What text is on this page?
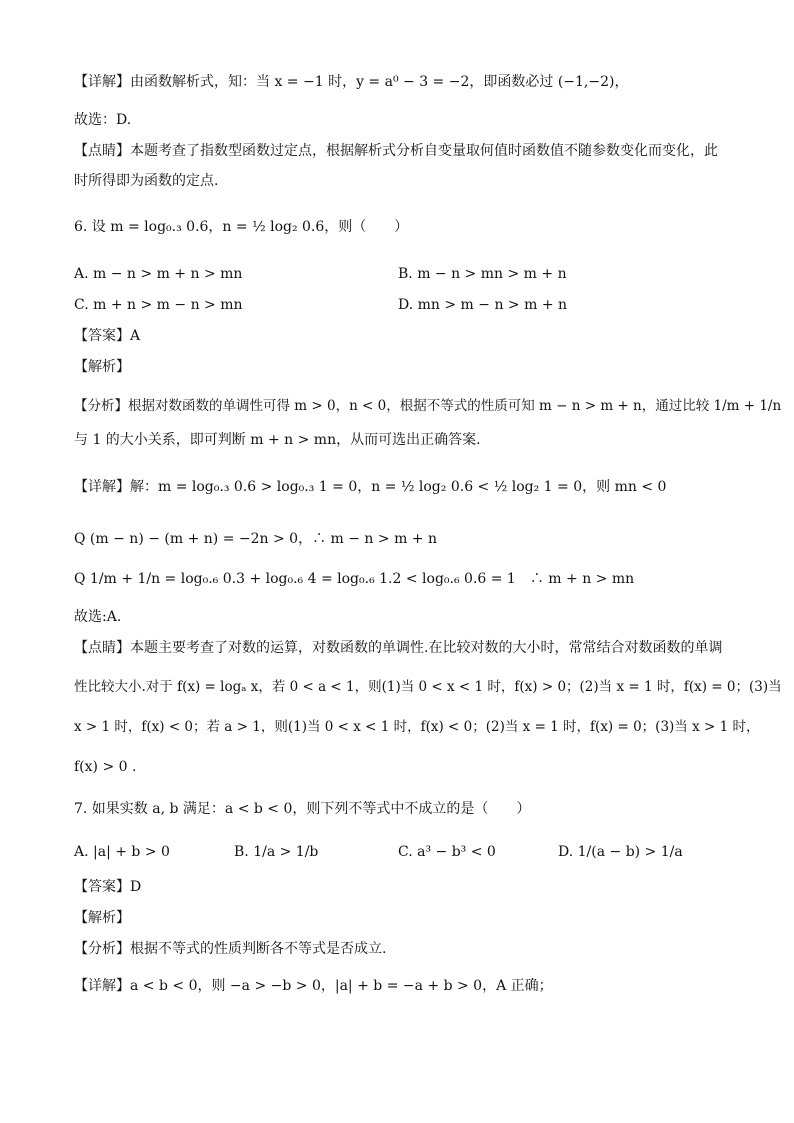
【详解】由函数解析式，知：当 x = −1 时，y = a⁰ − 3 = −2，即函数必过 (−1,−2)，
故选：D.
【点睛】本题考查了指数型函数过定点，根据解析式分析自变量取何值时函数值不随参数变化而变化，此
时所得即为函数的定点.
6. 设 m = log₀.₃ 0.6，n = ½ log₂ 0.6，则（　　）
A. m − n > m + n > mn	B. m − n > mn > m + n
C. m + n > m − n > mn	D. mn > m − n > m + n
【答案】A
【解析】
【分析】根据对数函数的单调性可得 m > 0，n < 0，根据不等式的性质可知 m − n > m + n，通过比较 1/m + 1/n
与 1 的大小关系，即可判断 m + n > mn，从而可选出正确答案.
【详解】解：m = log₀.₃ 0.6 > log₀.₃ 1 = 0，n = ½ log₂ 0.6 < ½ log₂ 1 = 0，则 mn < 0
Q (m − n) − (m + n) = −2n > 0，∴ m − n > m + n
Q 1/m + 1/n = log₀.₆ 0.3 + log₀.₆ 4 = log₀.₆ 1.2 < log₀.₆ 0.6 = 1　∴ m + n > mn
故选:A.
【点睛】本题主要考查了对数的运算，对数函数的单调性.在比较对数的大小时，常常结合对数函数的单调
性比较大小.对于 f(x) = logₐ x，若 0 < a < 1，则(1)当 0 < x < 1 时，f(x) > 0；(2)当 x = 1 时，f(x) = 0；(3)当
x > 1 时，f(x) < 0；若 a > 1，则(1)当 0 < x < 1 时，f(x) < 0；(2)当 x = 1 时，f(x) = 0；(3)当 x > 1 时，
f(x) > 0 .
7. 如果实数 a, b 满足：a < b < 0，则下列不等式中不成立的是（　　）
A. |a| + b > 0	B. 1/a > 1/b	C. a³ − b³ < 0	D. 1/(a − b) > 1/a
【答案】D
【解析】
【分析】根据不等式的性质判断各不等式是否成立.
【详解】a < b < 0，则 −a > −b > 0，|a| + b = −a + b > 0，A 正确；
